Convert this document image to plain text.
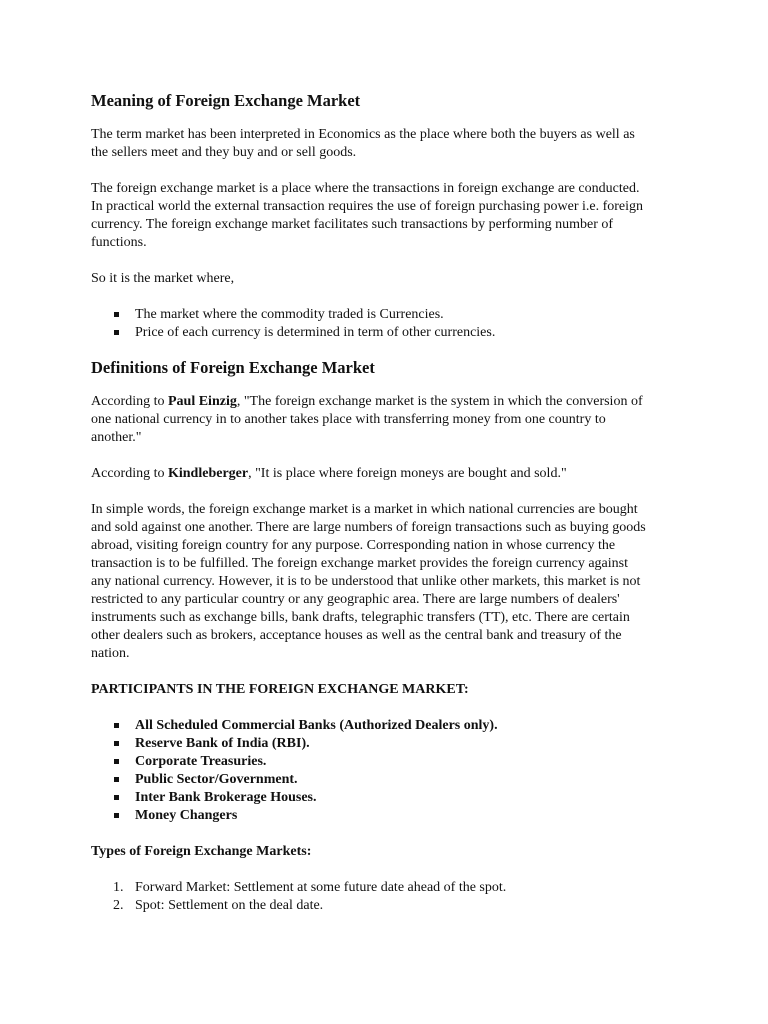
Meaning of Foreign Exchange Market

The term market has been interpreted in Economics as the place where both the buyers as well as the sellers meet and they buy and or sell goods.

The foreign exchange market is a place where the transactions in foreign exchange are conducted. In practical world the external transaction requires the use of foreign purchasing power i.e. foreign currency. The foreign exchange market facilitates such transactions by performing number of functions.

So it is the market where,

The market where the commodity traded is Currencies.
Price of each currency is determined in term of other currencies.
Definitions of Foreign Exchange Market

According to Paul Einzig, "The foreign exchange market is the system in which the conversion of one national currency in to another takes place with transferring money from one country to another."

According to Kindleberger, "It is place where foreign moneys are bought and sold."

In simple words, the foreign exchange market is a market in which national currencies are bought and sold against one another. There are large numbers of foreign transactions such as buying goods abroad, visiting foreign country for any purpose. Corresponding nation in whose currency the transaction is to be fulfilled. The foreign exchange market provides the foreign currency against any national currency. However, it is to be understood that unlike other markets, this market is not restricted to any particular country or any geographic area. There are large numbers of dealers' instruments such as exchange bills, bank drafts, telegraphic transfers (TT), etc. There are certain other dealers such as brokers, acceptance houses as well as the central bank and treasury of the nation.

PARTICIPANTS IN THE FOREIGN EXCHANGE MARKET:

All Scheduled Commercial Banks (Authorized Dealers only).
Reserve Bank of India (RBI).
Corporate Treasuries.
Public Sector/Government.
Inter Bank Brokerage Houses.
Money Changers

Types of Foreign Exchange Markets:

1. Forward Market: Settlement at some future date ahead of the spot.
2. Spot: Settlement on the deal date.
